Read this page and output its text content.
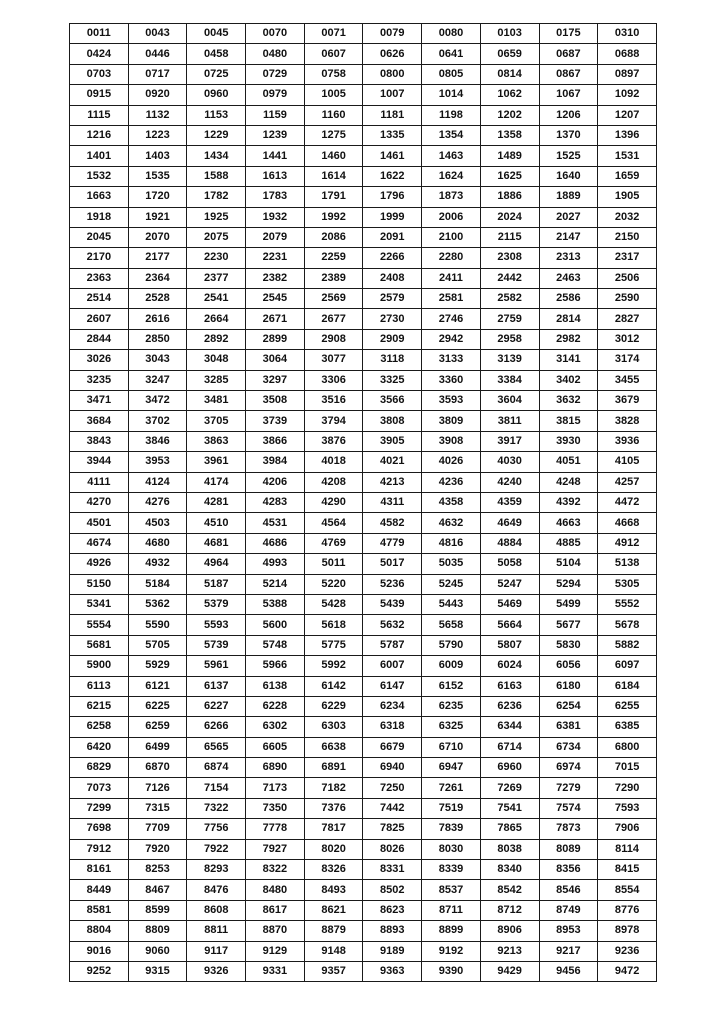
0011	0043	0045	0070	0071	0079	0080	0103	0175	0310
0424	0446	0458	0480	0607	0626	0641	0659	0687	0688
0703	0717	0725	0729	0758	0800	0805	0814	0867	0897
0915	0920	0960	0979	1005	1007	1014	1062	1067	1092
1115	1132	1153	1159	1160	1181	1198	1202	1206	1207
1216	1223	1229	1239	1275	1335	1354	1358	1370	1396
1401	1403	1434	1441	1460	1461	1463	1489	1525	1531
1532	1535	1588	1613	1614	1622	1624	1625	1640	1659
1663	1720	1782	1783	1791	1796	1873	1886	1889	1905
1918	1921	1925	1932	1992	1999	2006	2024	2027	2032
2045	2070	2075	2079	2086	2091	2100	2115	2147	2150
2170	2177	2230	2231	2259	2266	2280	2308	2313	2317
2363	2364	2377	2382	2389	2408	2411	2442	2463	2506
2514	2528	2541	2545	2569	2579	2581	2582	2586	2590
2607	2616	2664	2671	2677	2730	2746	2759	2814	2827
2844	2850	2892	2899	2908	2909	2942	2958	2982	3012
3026	3043	3048	3064	3077	3118	3133	3139	3141	3174
3235	3247	3285	3297	3306	3325	3360	3384	3402	3455
3471	3472	3481	3508	3516	3566	3593	3604	3632	3679
3684	3702	3705	3739	3794	3808	3809	3811	3815	3828
3843	3846	3863	3866	3876	3905	3908	3917	3930	3936
3944	3953	3961	3984	4018	4021	4026	4030	4051	4105
4111	4124	4174	4206	4208	4213	4236	4240	4248	4257
4270	4276	4281	4283	4290	4311	4358	4359	4392	4472
4501	4503	4510	4531	4564	4582	4632	4649	4663	4668
4674	4680	4681	4686	4769	4779	4816	4884	4885	4912
4926	4932	4964	4993	5011	5017	5035	5058	5104	5138
5150	5184	5187	5214	5220	5236	5245	5247	5294	5305
5341	5362	5379	5388	5428	5439	5443	5469	5499	5552
5554	5590	5593	5600	5618	5632	5658	5664	5677	5678
5681	5705	5739	5748	5775	5787	5790	5807	5830	5882
5900	5929	5961	5966	5992	6007	6009	6024	6056	6097
6113	6121	6137	6138	6142	6147	6152	6163	6180	6184
6215	6225	6227	6228	6229	6234	6235	6236	6254	6255
6258	6259	6266	6302	6303	6318	6325	6344	6381	6385
6420	6499	6565	6605	6638	6679	6710	6714	6734	6800
6829	6870	6874	6890	6891	6940	6947	6960	6974	7015
7073	7126	7154	7173	7182	7250	7261	7269	7279	7290
7299	7315	7322	7350	7376	7442	7519	7541	7574	7593
7698	7709	7756	7778	7817	7825	7839	7865	7873	7906
7912	7920	7922	7927	8020	8026	8030	8038	8089	8114
8161	8253	8293	8322	8326	8331	8339	8340	8356	8415
8449	8467	8476	8480	8493	8502	8537	8542	8546	8554
8581	8599	8608	8617	8621	8623	8711	8712	8749	8776
8804	8809	8811	8870	8879	8893	8899	8906	8953	8978
9016	9060	9117	9129	9148	9189	9192	9213	9217	9236
9252	9315	9326	9331	9357	9363	9390	9429	9456	9472
